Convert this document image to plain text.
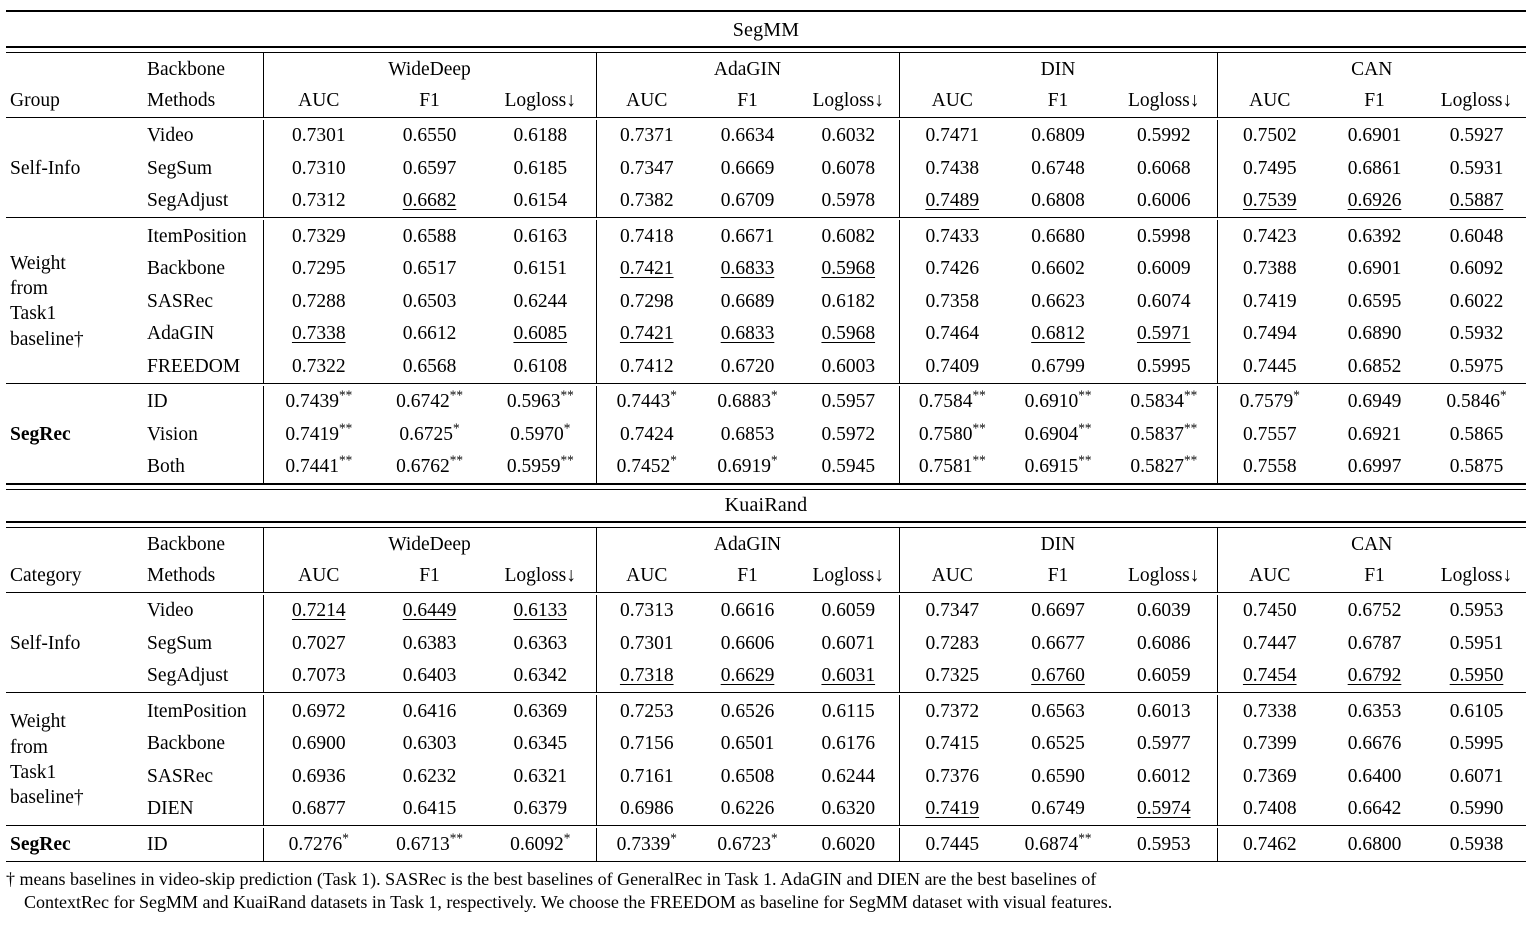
SegMM													

	Backbone	WideDeep			AdaGIN			DIN			CAN		
Group	Methods	AUC	F1	Logloss↓	AUC	F1	Logloss↓	AUC	F1	Logloss↓	AUC	F1	Logloss↓

Self-Info	Video	0.7301	0.6550	0.6188	0.7371	0.6634	0.6032	0.7471	0.6809	0.5992	0.7502	0.6901	0.5927
	SegSum	0.7310	0.6597	0.6185	0.7347	0.6669	0.6078	0.7438	0.6748	0.6068	0.7495	0.6861	0.5931
	SegAdjust	0.7312	0.6682	0.6154	0.7382	0.6709	0.5978	0.7489	0.6808	0.6006	0.7539	0.6926	0.5887

Weight
from
Task1
baseline†	ItemPosition	0.7329	0.6588	0.6163	0.7418	0.6671	0.6082	0.7433	0.6680	0.5998	0.7423	0.6392	0.6048
	Backbone	0.7295	0.6517	0.6151	0.7421	0.6833	0.5968	0.7426	0.6602	0.6009	0.7388	0.6901	0.6092
	SASRec	0.7288	0.6503	0.6244	0.7298	0.6689	0.6182	0.7358	0.6623	0.6074	0.7419	0.6595	0.6022
	AdaGIN	0.7338	0.6612	0.6085	0.7421	0.6833	0.5968	0.7464	0.6812	0.5971	0.7494	0.6890	0.5932
	FREEDOM	0.7322	0.6568	0.6108	0.7412	0.6720	0.6003	0.7409	0.6799	0.5995	0.7445	0.6852	0.5975

SegRec	ID	0.7439**	0.6742**	0.5963**	0.7443*	0.6883*	0.5957	0.7584**	0.6910**	0.5834**	0.7579*	0.6949	0.5846*
	Vision	0.7419**	0.6725*	0.5970*	0.7424	0.6853	0.5972	0.7580**	0.6904**	0.5837**	0.7557	0.6921	0.5865
	Both	0.7441**	0.6762**	0.5959**	0.7452*	0.6919*	0.5945	0.7581**	0.6915**	0.5827**	0.7558	0.6997	0.5875

KuaiRand													

	Backbone	WideDeep			AdaGIN			DIN			CAN		
Category	Methods	AUC	F1	Logloss↓	AUC	F1	Logloss↓	AUC	F1	Logloss↓	AUC	F1	Logloss↓

Self-Info	Video	0.7214	0.6449	0.6133	0.7313	0.6616	0.6059	0.7347	0.6697	0.6039	0.7450	0.6752	0.5953
	SegSum	0.7027	0.6383	0.6363	0.7301	0.6606	0.6071	0.7283	0.6677	0.6086	0.7447	0.6787	0.5951
	SegAdjust	0.7073	0.6403	0.6342	0.7318	0.6629	0.6031	0.7325	0.6760	0.6059	0.7454	0.6792	0.5950

Weight
from
Task1
baseline†	ItemPosition	0.6972	0.6416	0.6369	0.7253	0.6526	0.6115	0.7372	0.6563	0.6013	0.7338	0.6353	0.6105
	Backbone	0.6900	0.6303	0.6345	0.7156	0.6501	0.6176	0.7415	0.6525	0.5977	0.7399	0.6676	0.5995
	SASRec	0.6936	0.6232	0.6321	0.7161	0.6508	0.6244	0.7376	0.6590	0.6012	0.7369	0.6400	0.6071
	DIEN	0.6877	0.6415	0.6379	0.6986	0.6226	0.6320	0.7419	0.6749	0.5974	0.7408	0.6642	0.5990

SegRec	ID	0.7276*	0.6713**	0.6092*	0.7339*	0.6723*	0.6020	0.7445	0.6874**	0.5953	0.7462	0.6800	0.5938

† means baselines in video-skip prediction (Task 1). SASRec is the best baselines of GeneralRec in Task 1. AdaGIN and DIEN are the best baselines of
ContextRec for SegMM and KuaiRand datasets in Task 1, respectively. We choose the FREEDOM as baseline for SegMM dataset with visual features.
